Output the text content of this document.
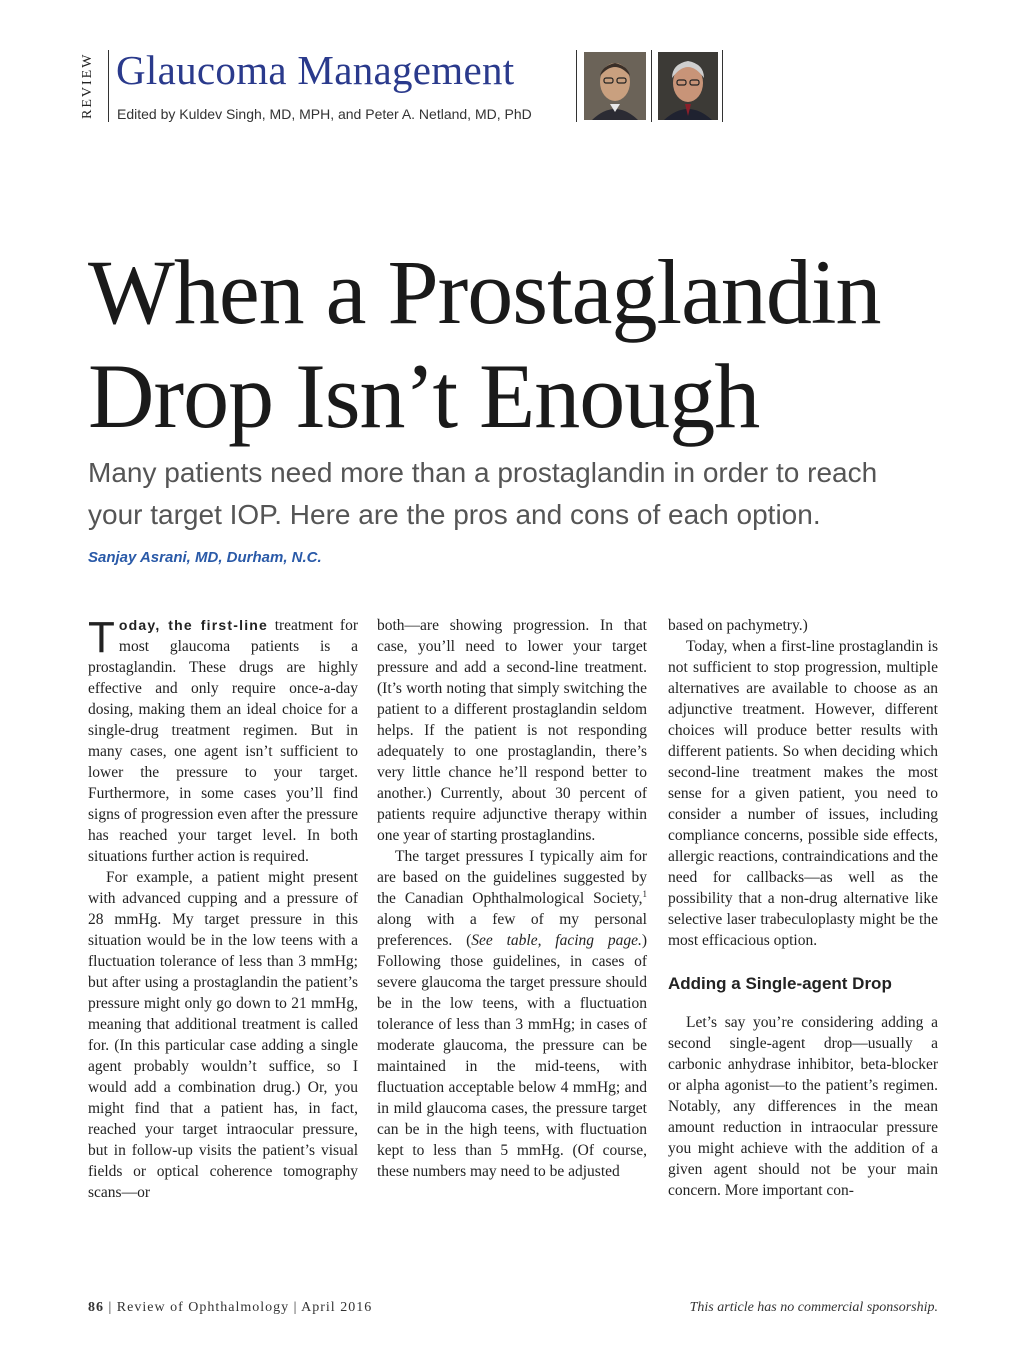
REVIEW Glaucoma Management
Edited by Kuldev Singh, MD, MPH, and Peter A. Netland, MD, PhD
When a Prostaglandin
Drop Isn’t Enough
Many patients need more than a prostaglandin in order to reach
your target IOP. Here are the pros and cons of each option.
Sanjay Asrani, MD, Durham, N.C.

Today, the first-line treatment for most glaucoma patients is a prostaglandin. These drugs are highly effective and only require once-a-day dosing, making them an ideal choice for a single-drug treatment regimen. But in many cases, one agent isn’t sufficient to lower the pressure to your target. Furthermore, in some cases you’ll find signs of progression even after the pressure has reached your target level. In both situations further action is required.

For example, a patient might present with advanced cupping and a pressure of 28 mmHg. My target pressure in this situation would be in the low teens with a fluctuation tolerance of less than 3 mmHg; but after using a prostaglandin the patient’s pressure might only go down to 21 mmHg, meaning that additional treatment is called for. (In this particular case adding a single agent probably wouldn’t suffice, so I would add a combination drug.) Or, you might find that a patient has, in fact, reached your target intraocular pressure, but in follow-up visits the patient’s visual fields or optical coherence tomography scans—or

both—are showing progression. In that case, you’ll need to lower your target pressure and add a second-line treatment. (It’s worth noting that simply switching the patient to a different prostaglandin seldom helps. If the patient is not responding adequately to one prostaglandin, there’s very little chance he’ll respond better to another.) Currently, about 30 percent of patients require adjunctive therapy within one year of starting prostaglandins.

The target pressures I typically aim for are based on the guidelines suggested by the Canadian Ophthalmological Society,$^1$ along with a few of my personal preferences. (See table, facing page.) Following those guidelines, in cases of severe glaucoma the target pressure should be in the low teens, with a fluctuation tolerance of less than 3 mmHg; in cases of moderate glaucoma, the pressure can be maintained in the mid-teens, with fluctuation acceptable below 4 mmHg; and in mild glaucoma cases, the pressure target can be in the high teens, with fluctuation kept to less than 5 mmHg. (Of course, these numbers may need to be adjusted

based on pachymetry.)

Today, when a first-line prostaglandin is not sufficient to stop progression, multiple alternatives are available to choose as an adjunctive treatment. However, different choices will produce better results with different patients. So when deciding which second-line treatment makes the most sense for a given patient, you need to consider a number of issues, including compliance concerns, possible side effects, allergic reactions, contraindications and the need for callbacks—as well as the possibility that a non-drug alternative like selective laser trabeculoplasty might be the most efficacious option.

Adding a Single-agent Drop

Let’s say you’re considering adding a second single-agent drop—usually a carbonic anhydrase inhibitor, beta-blocker or alpha agonist—to the patient’s regimen. Notably, any differences in the mean amount reduction in intraocular pressure you might achieve with the addition of a given agent should not be your main concern. More important con-

86 | Review of Ophthalmology | April 2016	This article has no commercial sponsorship.
